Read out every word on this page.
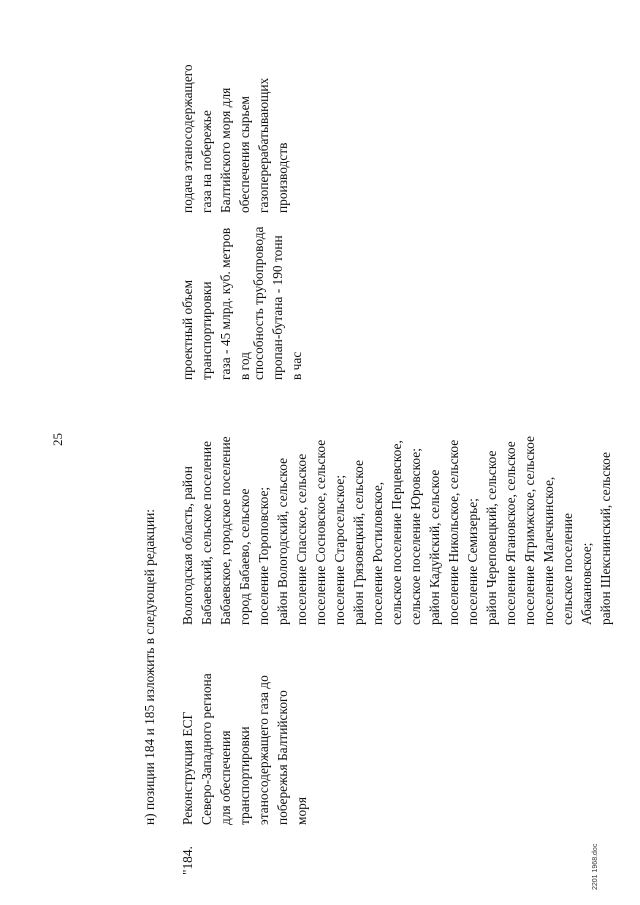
25
способность трубопровода пропан-бутана - 190 тонн в час
н) позиции 184 и 185 изложить в следующей редакции:
"184.
Реконструкция ЕСГ Северо-Западного региона для обеспечения транспортировки этаносодержащего газа до побережья Балтийского моря
Вологодская область, район Бабаевский, сельское поселение Бабаевское, городское поселение город Бабаево, сельское поселение Тороповское; район Вологодский, сельское поселение Спасское, сельское поселение Сосновское, сельское поселение Старосельское; район Грязовецкий, сельское поселение Ростиловское, сельское поселение Перцевское, сельское поселение Юровское; район Кадуйский, сельское поселение Никольское, сельское поселение Семизерье; район Череповецкий, сельское поселение Ягановское, сельское поселение Ягримжское, сельское поселение Малечкинское, сельское поселение Абакановское; район Шекснинский, сельское
проектный объем транспортировки газа - 45 млрд. куб. метров в год
подача этаносодержащего газа на побережье Балтийского моря для обеспечения сырьем газоперерабатывающих производств
2201 1968.doc
